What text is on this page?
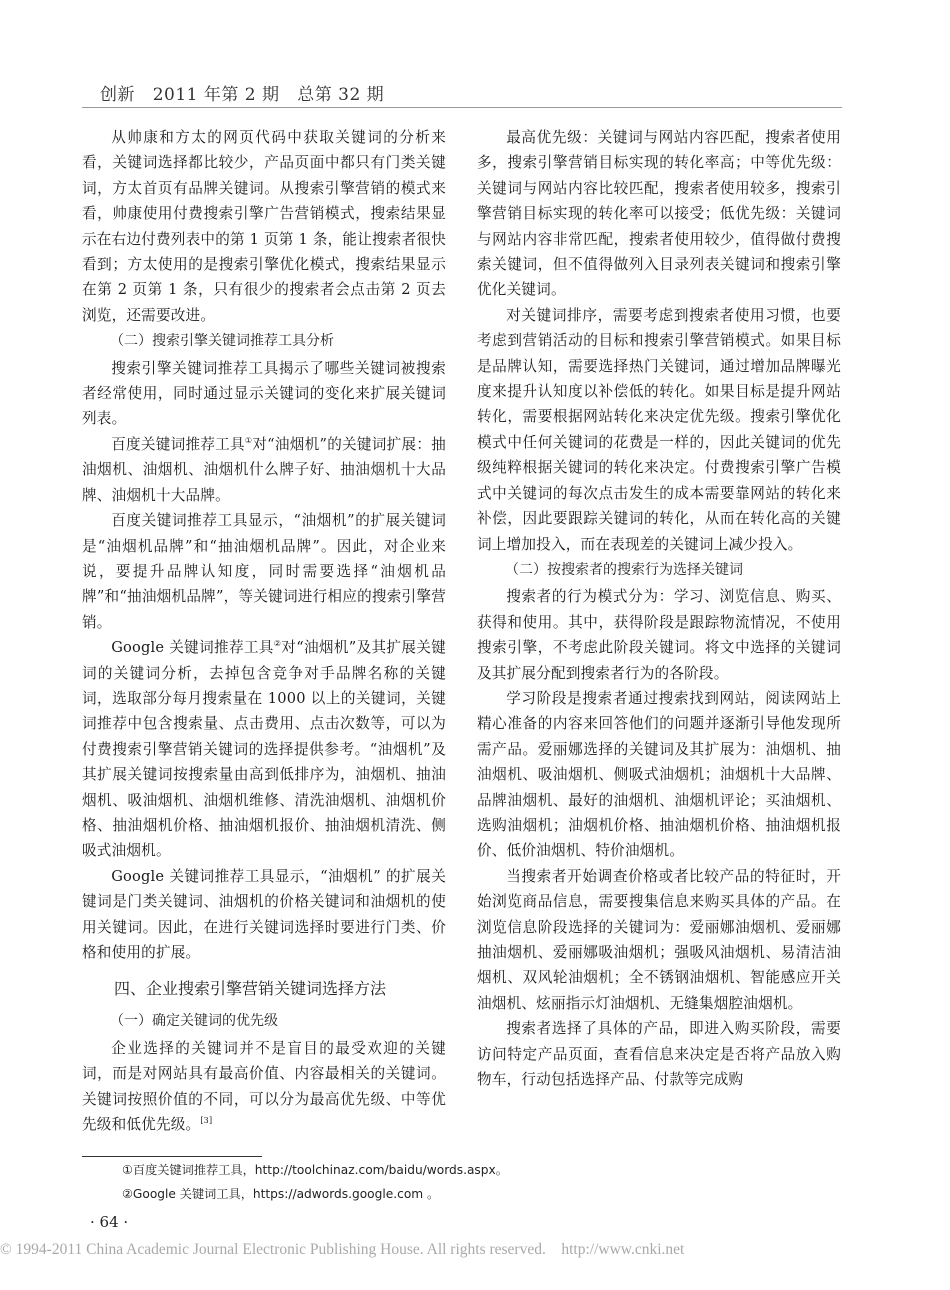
创新 2011 年第 2 期 总第 32 期

从帅康和方太的网页代码中获取关键词的分析来看，关键词选择都比较少，产品页面中都只有门类关键词，方太首页有品牌关键词。从搜索引擎营销的模式来看，帅康使用付费搜索引擎广告营销模式，搜索结果显示在右边付费列表中的第 1 页第 1 条，能让搜索者很快看到；方太使用的是搜索引擎优化模式，搜索结果显示在第 2 页第 1 条，只有很少的搜索者会点击第 2 页去浏览，还需要改进。

（二）搜索引擎关键词推荐工具分析

搜索引擎关键词推荐工具揭示了哪些关键词被搜索者经常使用，同时通过显示关键词的变化来扩展关键词列表。

百度关键词推荐工具①对“油烟机”的关键词扩展：抽油烟机、油烟机、油烟机什么牌子好、抽油烟机十大品牌、油烟机十大品牌。

百度关键词推荐工具显示，“油烟机”的扩展关键词是“油烟机品牌”和“抽油烟机品牌”。因此，对企业来说，要提升品牌认知度，同时需要选择“油烟机品牌”和“抽油烟机品牌”，等关键词进行相应的搜索引擎营销。

Google 关键词推荐工具②对“油烟机”及其扩展关键词的关键词分析，去掉包含竞争对手品牌名称的关键词，选取部分每月搜索量在 1000 以上的关键词，关键词推荐中包含搜索量、点击费用、点击次数等，可以为付费搜索引擎营销关键词的选择提供参考。“油烟机”及其扩展关键词按搜索量由高到低排序为，油烟机、抽油烟机、吸油烟机、油烟机维修、清洗油烟机、油烟机价格、抽油烟机价格、抽油烟机报价、抽油烟机清洗、侧吸式油烟机。

Google 关键词推荐工具显示，“油烟机” 的扩展关键词是门类关键词、油烟机的价格关键词和油烟机的使用关键词。因此，在进行关键词选择时要进行门类、价格和使用的扩展。

四、企业搜索引擎营销关键词选择方法

（一）确定关键词的优先级

企业选择的关键词并不是盲目的最受欢迎的关键词，而是对网站具有最高价值、内容最相关的关键词。关键词按照价值的不同，可以分为最高优先级、中等优先级和低优先级。[3]

最高优先级：关键词与网站内容匹配，搜索者使用多，搜索引擎营销目标实现的转化率高；中等优先级：关键词与网站内容比较匹配，搜索者使用较多，搜索引擎营销目标实现的转化率可以接受；低优先级：关键词与网站内容非常匹配，搜索者使用较少，值得做付费搜索关键词，但不值得做列入目录列表关键词和搜索引擎优化关键词。

对关键词排序，需要考虑到搜索者使用习惯，也要考虑到营销活动的目标和搜索引擎营销模式。如果目标是品牌认知，需要选择热门关键词，通过增加品牌曝光度来提升认知度以补偿低的转化。如果目标是提升网站转化，需要根据网站转化来决定优先级。搜索引擎优化模式中任何关键词的花费是一样的，因此关键词的优先级纯粹根据关键词的转化来决定。付费搜索引擎广告模式中关键词的每次点击发生的成本需要靠网站的转化来补偿，因此要跟踪关键词的转化，从而在转化高的关键词上增加投入，而在表现差的关键词上减少投入。

（二）按搜索者的搜索行为选择关键词

搜索者的行为模式分为：学习、浏览信息、购买、获得和使用。其中，获得阶段是跟踪物流情况，不使用搜索引擎，不考虑此阶段关键词。将文中选择的关键词及其扩展分配到搜索者行为的各阶段。

学习阶段是搜索者通过搜索找到网站，阅读网站上精心准备的内容来回答他们的问题并逐渐引导他发现所需产品。爱丽娜选择的关键词及其扩展为：油烟机、抽油烟机、吸油烟机、侧吸式油烟机；油烟机十大品牌、品牌油烟机、最好的油烟机、油烟机评论；买油烟机、选购油烟机；油烟机价格、抽油烟机价格、抽油烟机报价、低价油烟机、特价油烟机。

当搜索者开始调查价格或者比较产品的特征时，开始浏览商品信息，需要搜集信息来购买具体的产品。在浏览信息阶段选择的关键词为：爱丽娜油烟机、爱丽娜抽油烟机、爱丽娜吸油烟机；强吸风油烟机、易清洁油烟机、双风轮油烟机；全不锈钢油烟机、智能感应开关油烟机、炫丽指示灯油烟机、无缝集烟腔油烟机。

搜索者选择了具体的产品，即进入购买阶段，需要访问特定产品页面，查看信息来决定是否将产品放入购物车，行动包括选择产品、付款等完成购

①百度关键词推荐工具，http://toolchinaz.com/baidu/words.aspx。
②Google 关键词工具，https://adwords.google.com 。
· 64 ·
© 1994-2011 China Academic Journal Electronic Publishing House. All rights reserved.    http://www.cnki.net
